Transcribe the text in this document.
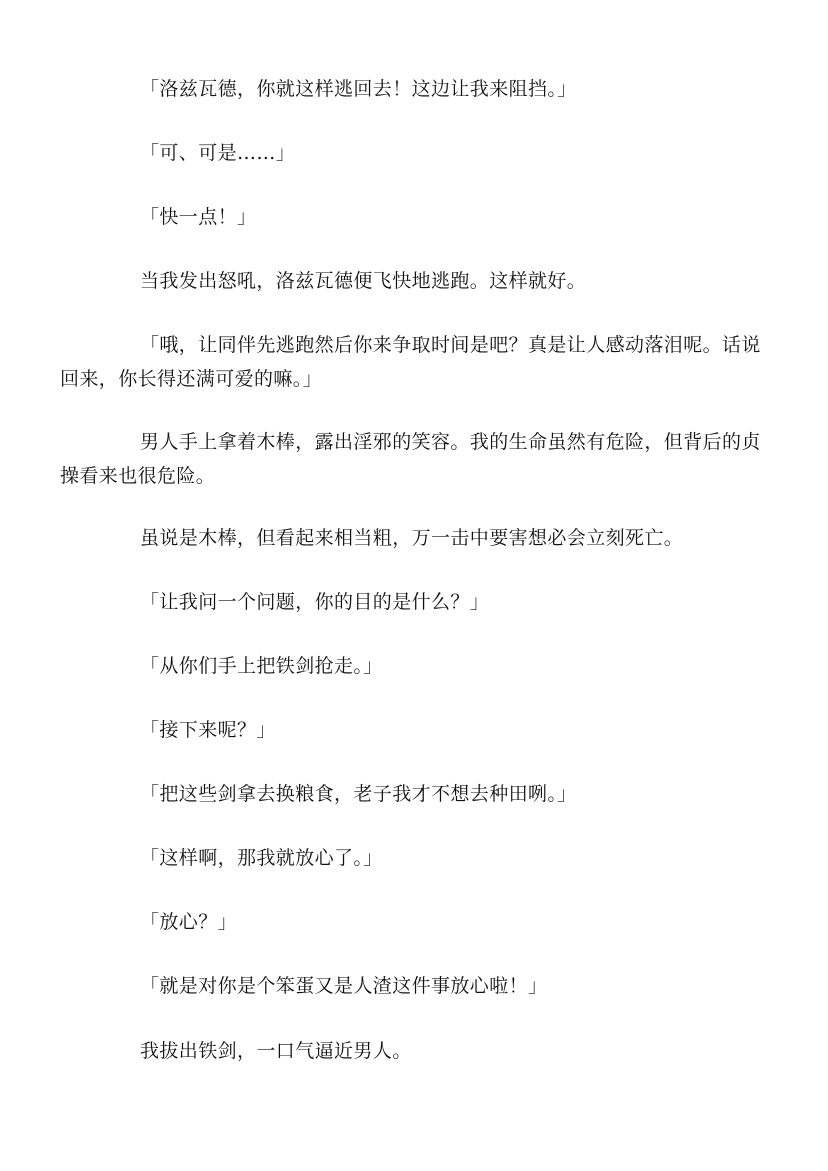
「洛兹瓦德，你就这样逃回去！这边让我来阻挡。」

「可、可是……」

「快一点！」

当我发出怒吼，洛兹瓦德便飞快地逃跑。这样就好。

「哦，让同伴先逃跑然后你来争取时间是吧？真是让人感动落泪呢。话说回来，你长得还满可爱的嘛。」

男人手上拿着木棒，露出淫邪的笑容。我的生命虽然有危险，但背后的贞操看来也很危险。

虽说是木棒，但看起来相当粗，万一击中要害想必会立刻死亡。

「让我问一个问题，你的目的是什么？」

「从你们手上把铁剑抢走。」

「接下来呢？」

「把这些剑拿去换粮食，老子我才不想去种田咧。」

「这样啊，那我就放心了。」

「放心？」

「就是对你是个笨蛋又是人渣这件事放心啦！」

我拔出铁剑，一口气逼近男人。
